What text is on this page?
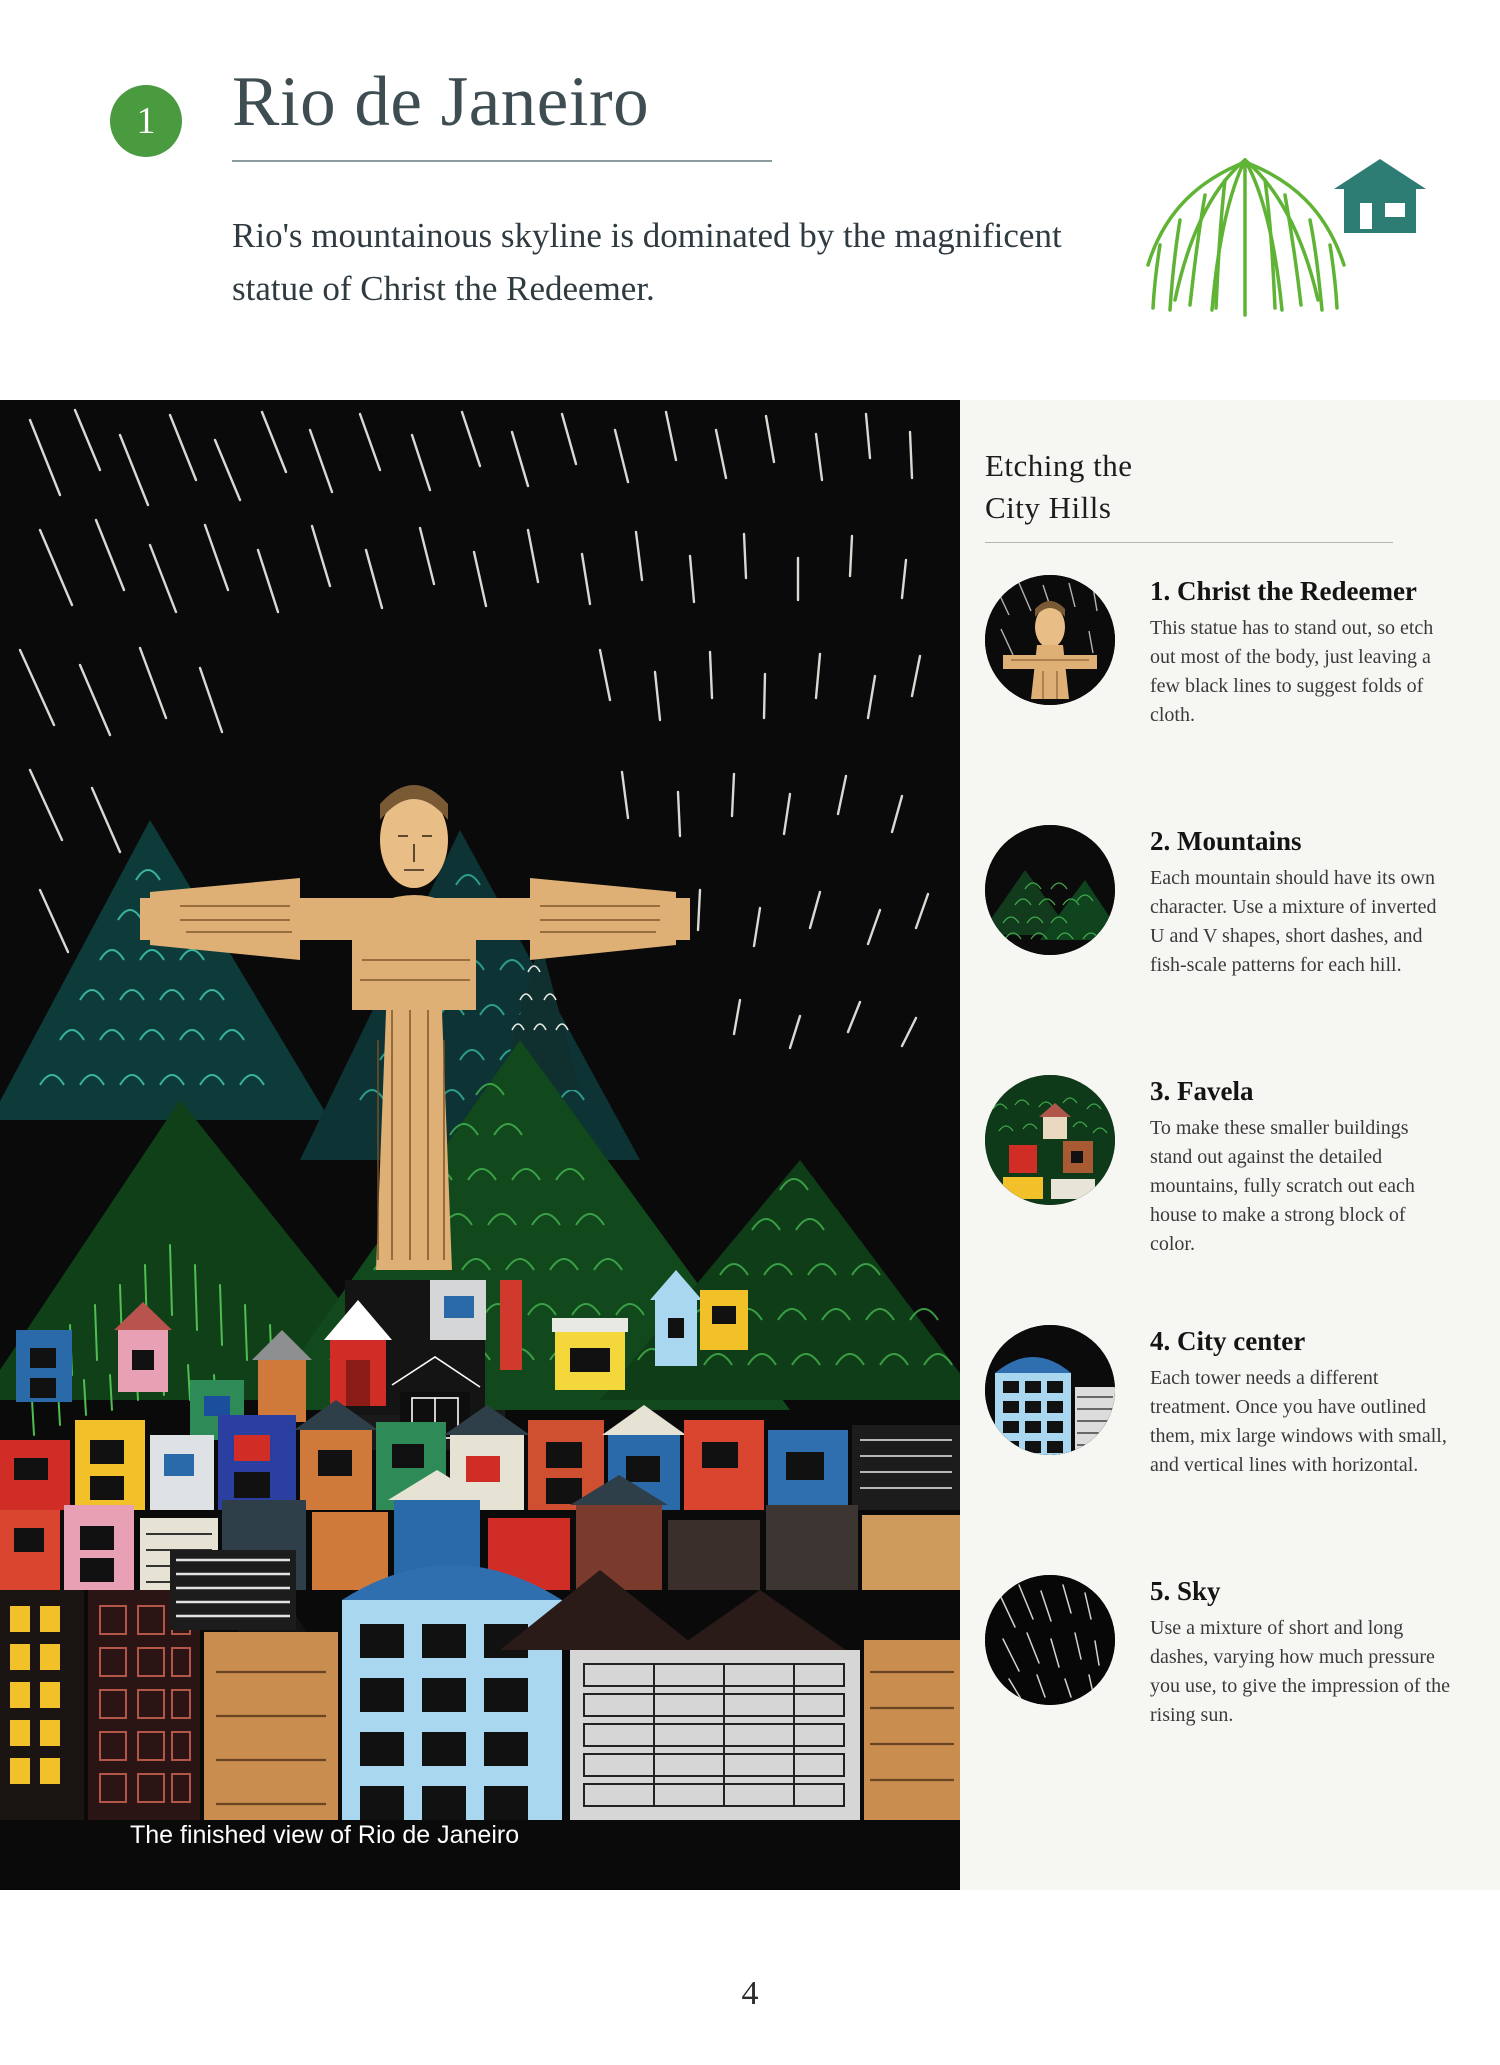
1	Rio de Janeiro
Rio's mountainous skyline is dominated by the magnificent statue of Christ the Redeemer.
The finished view of Rio de Janeiro
Etching the
City Hills
1. Christ the Redeemer
This statue has to stand out, so etch out most of the body, just leaving a few black lines to suggest folds of cloth.
2. Mountains
Each mountain should have its own character. Use a mixture of inverted U and V shapes, short dashes, and fish-scale patterns for each hill.
3. Favela
To make these smaller buildings stand out against the detailed mountains, fully scratch out each house to make a strong block of color.
4. City center
Each tower needs a different treatment. Once you have outlined them, mix large windows with small, and vertical lines with horizontal.
5. Sky
Use a mixture of short and long dashes, varying how much pressure you use, to give the impression of the rising sun.
4
